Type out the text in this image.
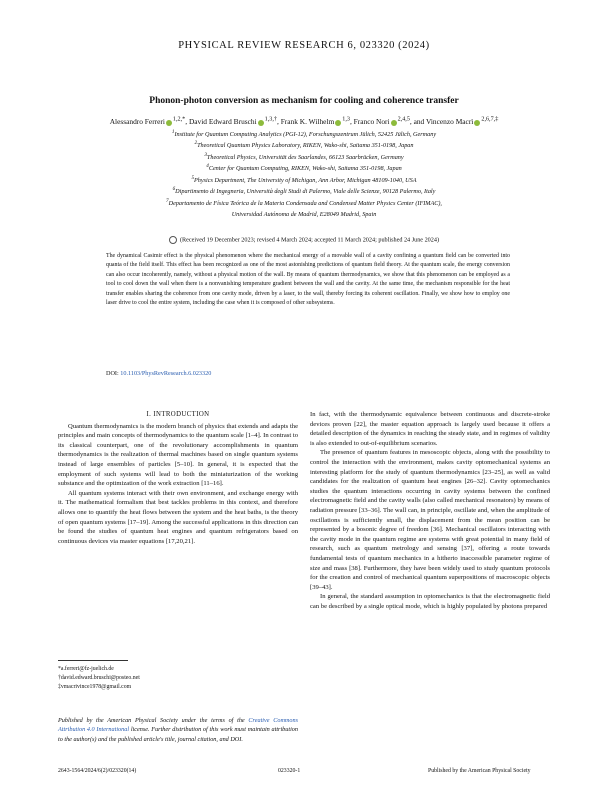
PHYSICAL REVIEW RESEARCH 6, 023320 (2024)
Phonon-photon conversion as mechanism for cooling and coherence transfer
Alessandro Ferreri $^{1,2,*}$, David Edward Bruschi $^{1,3,\dagger}$, Frank K. Wilhelm $^{1,3}$, Franco Nori $^{2,4,5}$, and Vincenzo Macrì $^{2,6,7,\ddagger}$
$^1$Institute for Quantum Computing Analytics (PGI-12), Forschungszentrum Jülich, 52425 Jülich, Germany
$^2$Theoretical Quantum Physics Laboratory, RIKEN, Wako-shi, Saitama 351-0198, Japan
$^3$Theoretical Physics, Universität des Saarlandes, 66123 Saarbrücken, Germany
$^4$Center for Quantum Computing, RIKEN, Wako-shi, Saitama 351-0198, Japan
$^5$Physics Department, The University of Michigan, Ann Arbor, Michigan 48109-1040, USA
$^6$Dipartimento di Ingegneria, Università degli Studi di Palermo, Viale delle Scienze, 90128 Palermo, Italy
$^7$Departamento de Física Teórica de la Materia Condensada and Condensed Matter Physics Center (IFIMAC),
Universidad Autónoma de Madrid, E28049 Madrid, Spain
(Received 19 December 2023; revised 4 March 2024; accepted 11 March 2024; published 24 June 2024)
The dynamical Casimir effect is the physical phenomenon where the mechanical energy of a movable wall of a cavity confining a quantum field can be converted into quanta of the field itself. This effect has been recognized as one of the most astonishing predictions of quantum field theory. At the quantum scale, the energy conversion can also occur incoherently, namely, without a physical motion of the wall. By means of quantum thermodynamics, we show that this phenomenon can be employed as a tool to cool down the wall when there is a nonvanishing temperature gradient between the wall and the cavity. At the same time, the mechanism responsible for the heat transfer enables sharing the coherence from one cavity mode, driven by a laser, to the wall, thereby forcing its coherent oscillation. Finally, we show how to employ one laser drive to cool the entire system, including the case when it is composed of other subsystems.
DOI: 10.1103/PhysRevResearch.6.023320
I. INTRODUCTION

Quantum thermodynamics is the modern branch of physics that extends and adapts the principles and main concepts of thermodynamics to the quantum scale [1–4]. In contrast to its classical counterpart, one of the revolutionary accomplishments in quantum thermodynamics is the realization of thermal machines based on single quantum systems instead of large ensembles of particles [5–10]. In general, it is expected that the employment of such systems will lead to both the miniaturization of the working substance and the optimization of the work extraction [11–16].

All quantum systems interact with their own environment, and exchange energy with it. The mathematical formalism that best tackles problems in this context, and therefore allows one to quantify the heat flows between the system and the heat baths, is the theory of open quantum systems [17–19]. Among the successful applications in this direction can be found the studies of quantum heat engines and quantum refrigerators based on continuous devices via master equations [17,20,21].

In fact, with the thermodynamic equivalence between continuous and discrete-stroke devices proven [22], the master equation approach is largely used because it offers a detailed description of the dynamics in reaching the steady state, and in regimes of validity is also extended to out-of-equilibrium scenarios.

The presence of quantum features in mesoscopic objects, along with the possibility to control the interaction with the environment, makes cavity optomechanical systems an interesting platform for the study of quantum thermodynamics [23–25], as well as valid candidates for the realization of quantum heat engines [26–32]. Cavity optomechanics studies the quantum interactions occurring in cavity systems between the confined electromagnetic field and the cavity walls (also called mechanical resonators) by means of radiation pressure [33–36]. The wall can, in principle, oscillate and, when the amplitude of oscillations is sufficiently small, the displacement from the mean position can be represented by a bosonic degree of freedom [36]. Mechanical oscillators interacting with the cavity mode in the quantum regime are systems with great potential in many field of research, such as quantum metrology and sensing [37], offering a route towards fundamental tests of quantum mechanics in a hitherto inaccessible parameter regime of size and mass [38]. Furthermore, they have been widely used to study quantum protocols for the creation and control of mechanical quantum superpositions of macroscopic objects [39–43].

In general, the standard assumption in optomechanics is that the electromagnetic field can be described by a single optical mode, which is highly populated by photons prepared

*a.ferreri@fz-juelich.de
†david.edward.bruschi@posteo.net
‡vmacrivince1978@gmail.com
Published by the American Physical Society under the terms of the Creative Commons Attribution 4.0 International license. Further distribution of this work must maintain attribution to the author(s) and the published article's title, journal citation, and DOI.
2643-1564/2024/6(2)/023320(14)	023320-1	Published by the American Physical Society
